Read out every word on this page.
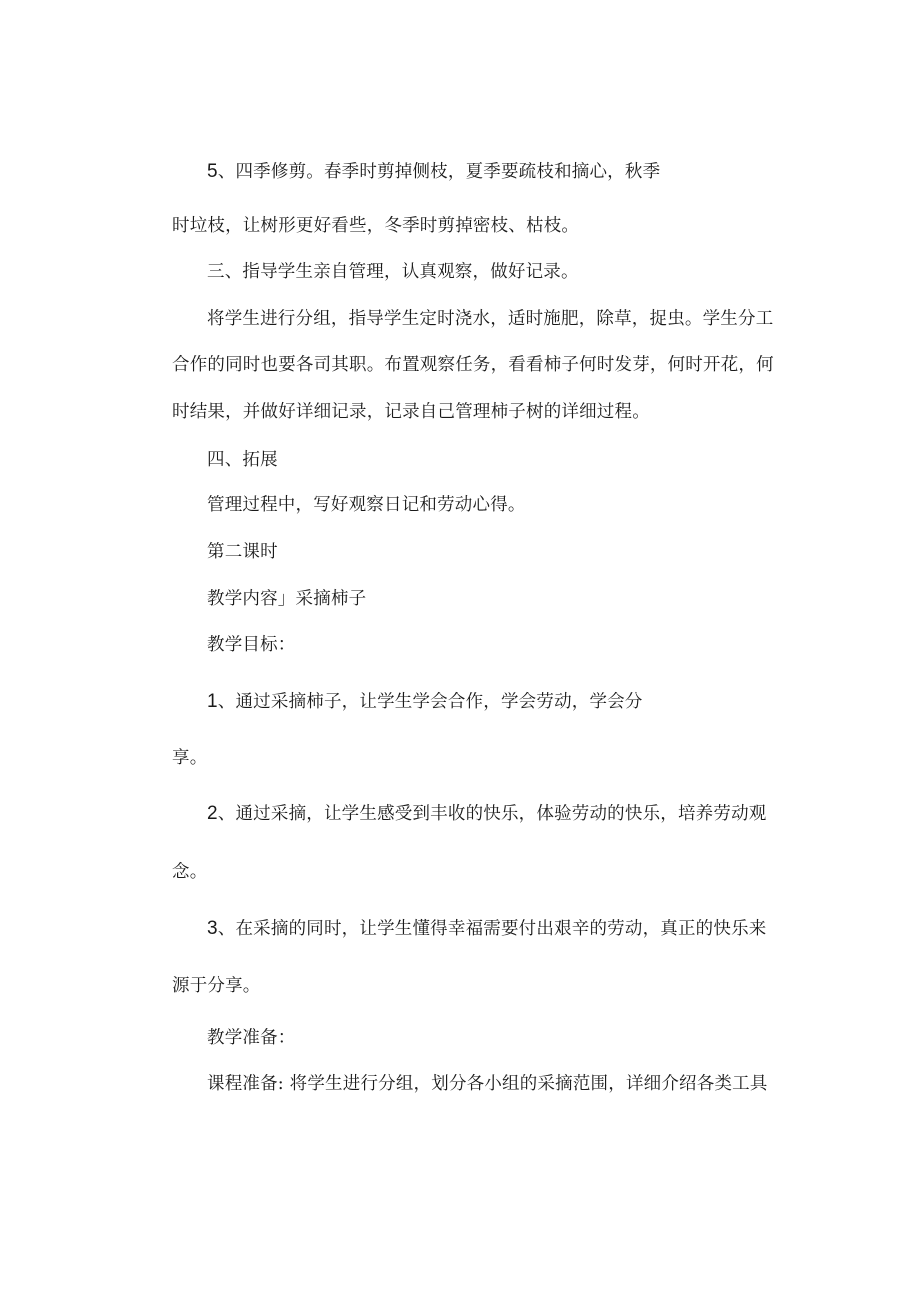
5、四季修剪。春季时剪掉侧枝，夏季要疏枝和摘心，秋季
时垃枝，让树形更好看些，冬季时剪掉密枝、枯枝。
三、指导学生亲自管理，认真观察，做好记录。
将学生进行分组，指导学生定时浇水，适时施肥，除草，捉虫。学生分工
合作的同时也要各司其职。布置观察任务，看看柿子何时发芽，何时开花，何
时结果，并做好详细记录，记录自己管理柿子树的详细过程。
四、拓展
管理过程中，写好观察日记和劳动心得。
第二课时
教学内容」采摘柿子
教学目标：
1、通过采摘柿子，让学生学会合作，学会劳动，学会分
享。
2、通过采摘，让学生感受到丰收的快乐，体验劳动的快乐，培养劳动观
念。
3、在采摘的同时，让学生懂得幸福需要付出艰辛的劳动，真正的快乐来
源于分享。
教学准备：
课程准备: 将学生进行分组，划分各小组的采摘范围，详细介绍各类工具
